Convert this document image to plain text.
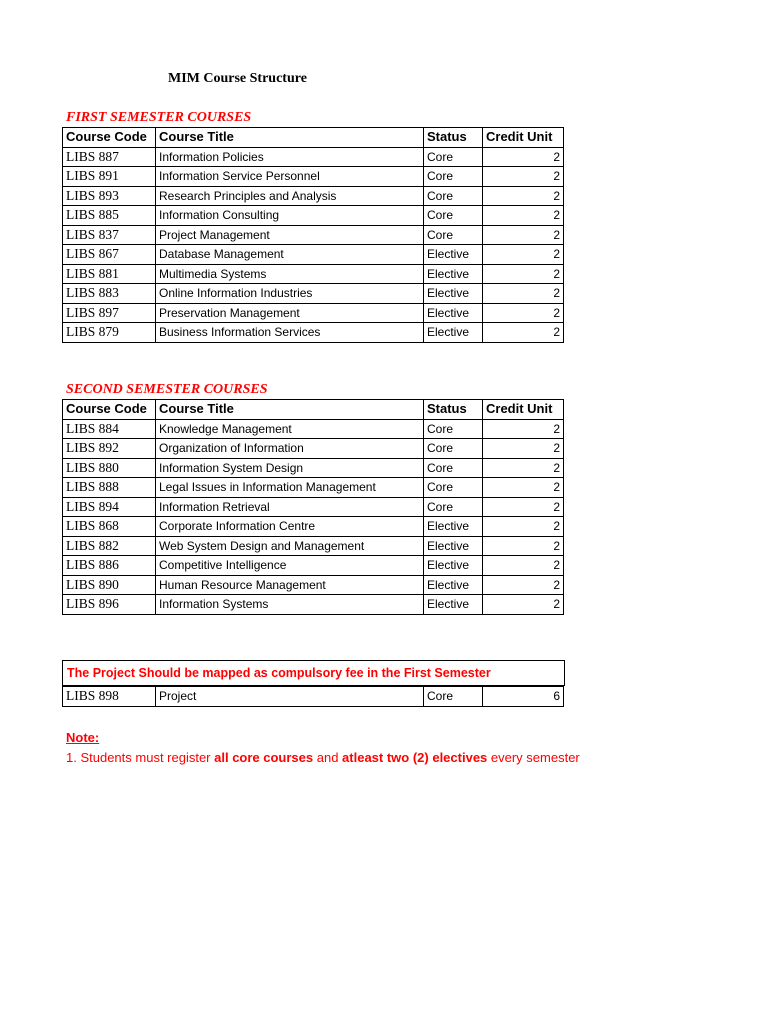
MIM Course Structure
FIRST SEMESTER COURSES
Course Code	Course Title	Status	Credit Unit
LIBS 887	Information Policies	Core	2
LIBS 891	Information Service Personnel	Core	2
LIBS 893	Research Principles and Analysis	Core	2
LIBS 885	Information Consulting	Core	2
LIBS 837	Project Management	Core	2
LIBS 867	Database Management	Elective	2
LIBS 881	Multimedia Systems	Elective	2
LIBS 883	Online Information Industries	Elective	2
LIBS 897	Preservation Management	Elective	2
LIBS 879	Business Information Services	Elective	2
SECOND SEMESTER COURSES
Course Code	Course Title	Status	Credit Unit
LIBS 884	Knowledge Management	Core	2
LIBS 892	Organization of Information	Core	2
LIBS 880	Information System Design	Core	2
LIBS 888	Legal Issues in Information Management	Core	2
LIBS 894	Information Retrieval	Core	2
LIBS 868	Corporate Information Centre	Elective	2
LIBS 882	Web System Design and Management	Elective	2
LIBS 886	Competitive Intelligence	Elective	2
LIBS 890	Human Resource Management	Elective	2
LIBS 896	Information Systems	Elective	2
The Project Should be mapped as compulsory fee in the First Semester
LIBS 898	Project	Core	6
Note:
1. Students must register all core courses and atleast two (2) electives every semester
